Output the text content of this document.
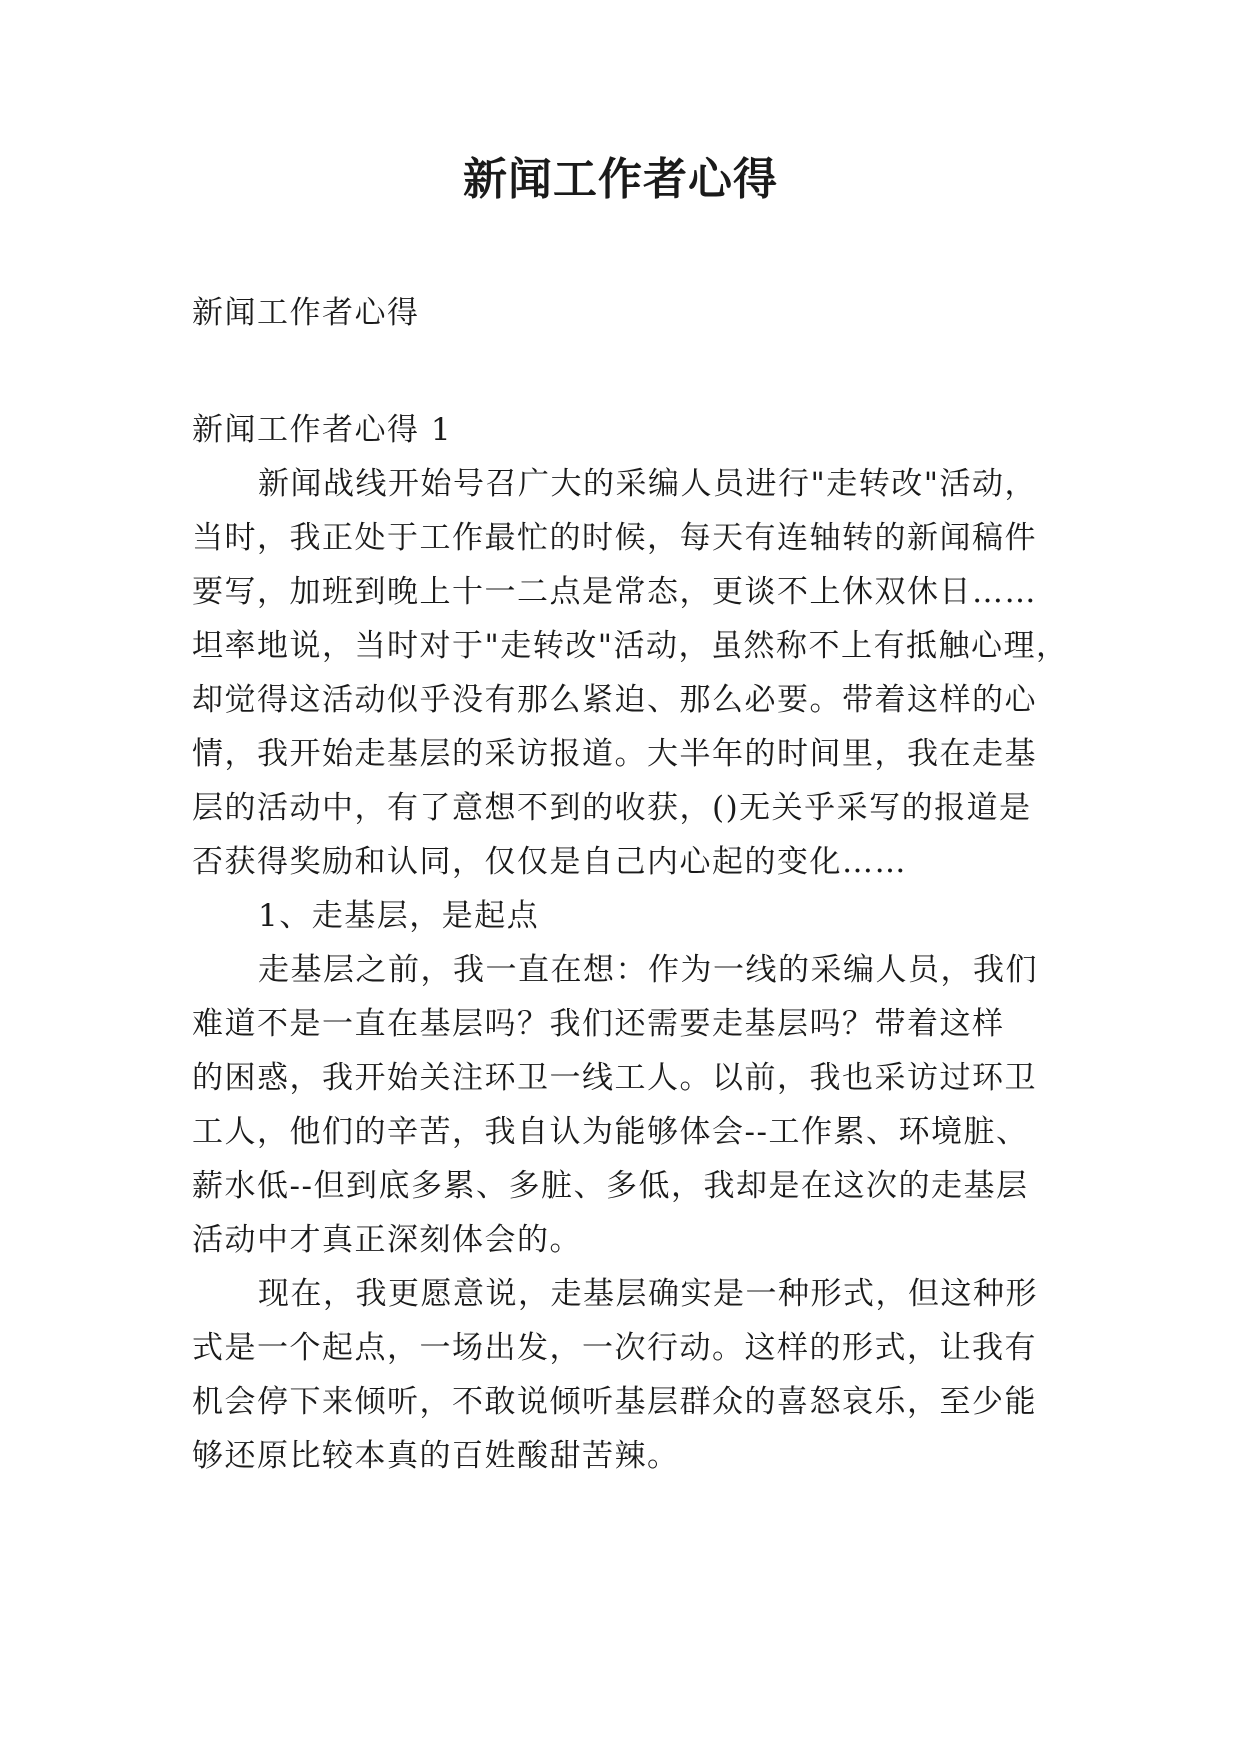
新闻工作者心得
新闻工作者心得
新闻工作者心得 1
新闻战线开始号召广大的采编人员进行"走转改"活动，
当时，我正处于工作最忙的时候，每天有连轴转的新闻稿件
要写，加班到晚上十一二点是常态，更谈不上休双休日……
坦率地说，当时对于"走转改"活动，虽然称不上有抵触心理，
却觉得这活动似乎没有那么紧迫、那么必要。带着这样的心
情，我开始走基层的采访报道。大半年的时间里，我在走基
层的活动中，有了意想不到的收获，()无关乎采写的报道是
否获得奖励和认同，仅仅是自己内心起的变化……
1、走基层，是起点
走基层之前，我一直在想：作为一线的采编人员，我们
难道不是一直在基层吗？我们还需要走基层吗？带着这样
的困惑，我开始关注环卫一线工人。以前，我也采访过环卫
工人，他们的辛苦，我自认为能够体会--工作累、环境脏、
薪水低--但到底多累、多脏、多低，我却是在这次的走基层
活动中才真正深刻体会的。
现在，我更愿意说，走基层确实是一种形式，但这种形
式是一个起点，一场出发，一次行动。这样的形式，让我有
机会停下来倾听，不敢说倾听基层群众的喜怒哀乐，至少能
够还原比较本真的百姓酸甜苦辣。
